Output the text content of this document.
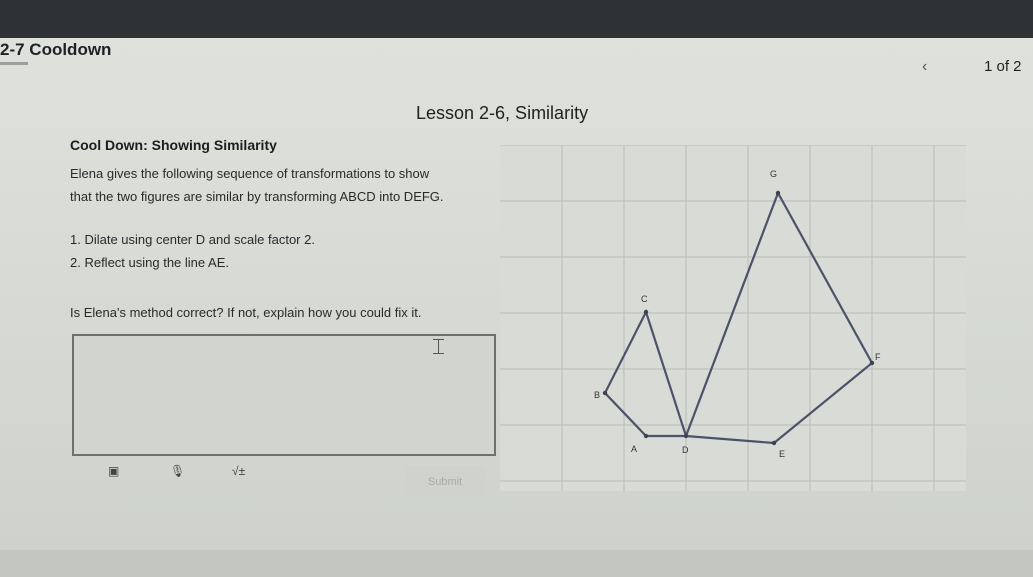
2-7 Cooldown
‹	1 of 2
Lesson 2-6, Similarity
Cool Down: Showing Similarity
Elena gives the following sequence of transformations to show
that the two figures are similar by transforming ABCD into DEFG.
1. Dilate using center D and scale factor 2.
2. Reflect using the line AE.
Is Elena's method correct? If not, explain how you could fix it.
▣	🎙	√±
Submit
A
B
C
D	E
F
G
